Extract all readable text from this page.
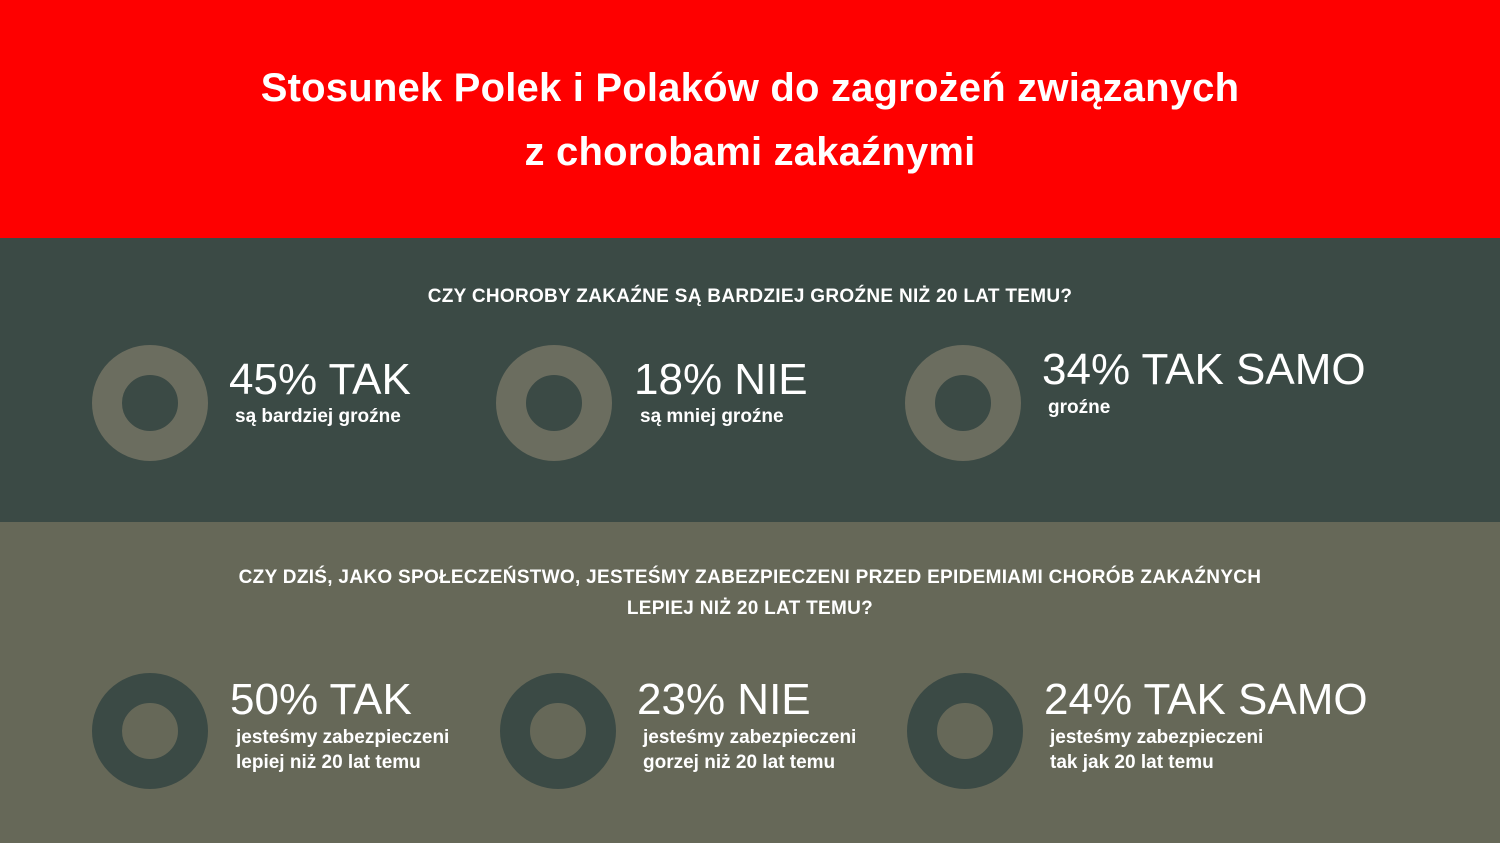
Stosunek Polek i Polaków do zagrożeń związanych
z chorobami zakaźnymi
CZY CHOROBY ZAKAŹNE SĄ BARDZIEJ GROŹNE NIŻ 20 LAT TEMU?
45% TAK
są bardziej groźne
18% NIE
są mniej groźne
34% TAK SAMO
groźne
CZY DZIŚ, JAKO SPOŁECZEŃSTWO, JESTEŚMY ZABEZPIECZENI PRZED EPIDEMIAMI CHORÓB ZAKAŹNYCH
LEPIEJ NIŻ 20 LAT TEMU?
50% TAK
jesteśmy zabezpieczeni
lepiej niż 20 lat temu
23% NIE
jesteśmy zabezpieczeni
gorzej niż 20 lat temu
24% TAK SAMO
jesteśmy zabezpieczeni
tak jak 20 lat temu
